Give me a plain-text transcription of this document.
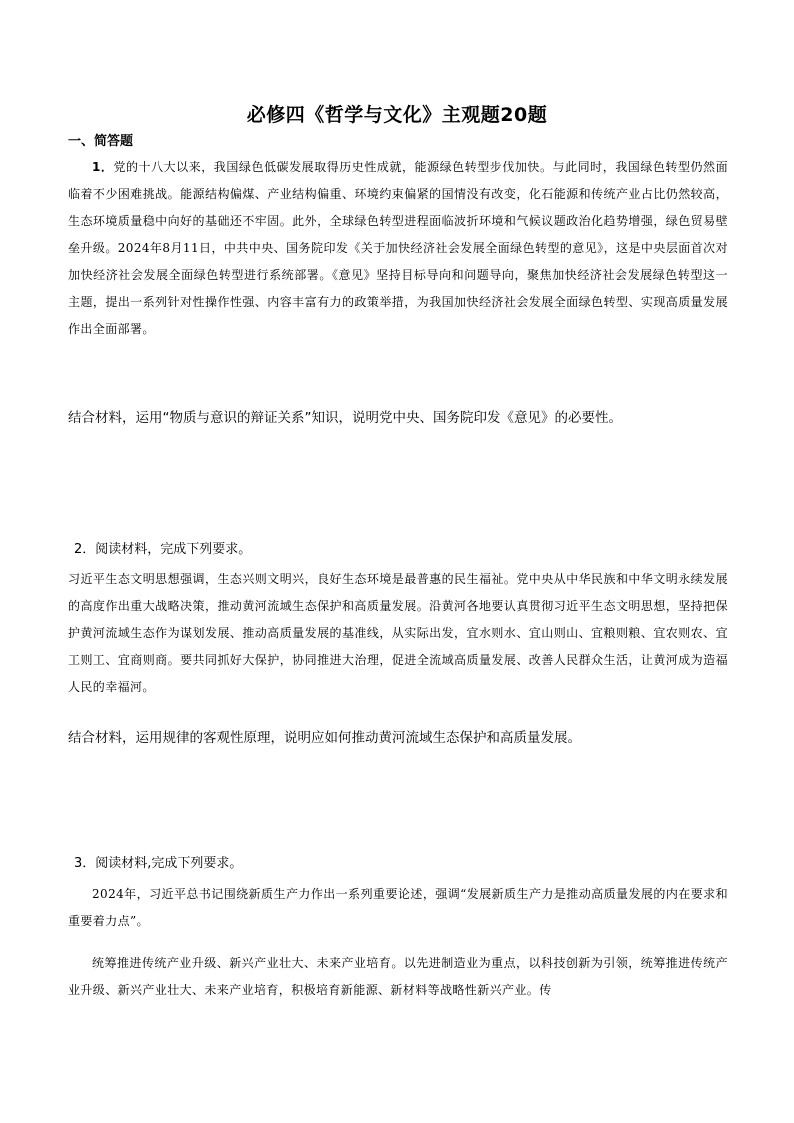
必修四《哲学与文化》主观题20题
一、简答题
1．党的十八大以来，我国绿色低碳发展取得历史性成就，能源绿色转型步伐加快。与此同时，我国绿色转型仍然面临着不少困难挑战。能源结构偏煤、产业结构偏重、环境约束偏紧的国情没有改变，化石能源和传统产业占比仍然较高，生态环境质量稳中向好的基础还不牢固。此外，全球绿色转型进程面临波折环境和气候议题政治化趋势增强，绿色贸易壁垒升级。2024年8月11日，中共中央、国务院印发《关于加快经济社会发展全面绿色转型的意见》，这是中央层面首次对加快经济社会发展全面绿色转型进行系统部署。《意见》坚持目标导向和问题导向，聚焦加快经济社会发展绿色转型这一主题，提出一系列针对性操作性强、内容丰富有力的政策举措，为我国加快经济社会发展全面绿色转型、实现高质量发展作出全面部署。
结合材料，运用“物质与意识的辩证关系”知识，说明党中央、国务院印发《意见》的必要性。
2．阅读材料，完成下列要求。
习近平生态文明思想强调，生态兴则文明兴，良好生态环境是最普惠的民生福祉。党中央从中华民族和中华文明永续发展的高度作出重大战略决策，推动黄河流域生态保护和高质量发展。沿黄河各地要认真贯彻习近平生态文明思想，坚持把保护黄河流域生态作为谋划发展、推动高质量发展的基准线，从实际出发，宜水则水、宜山则山、宜粮则粮、宜农则农、宜工则工、宜商则商。要共同抓好大保护，协同推进大治理，促进全流域高质量发展、改善人民群众生活，让黄河成为造福人民的幸福河。
结合材料，运用规律的客观性原理，说明应如何推动黄河流域生态保护和高质量发展。
3．阅读材料,完成下列要求。
2024年，习近平总书记围绕新质生产力作出一系列重要论述，强调“发展新质生产力是推动高质量发展的内在要求和重要着力点”。
统筹推进传统产业升级、新兴产业壮大、未来产业培育。以先进制造业为重点，以科技创新为引领，统筹推进传统产业升级、新兴产业壮大、未来产业培育，积极培育新能源、新材料等战略性新兴产业。传
